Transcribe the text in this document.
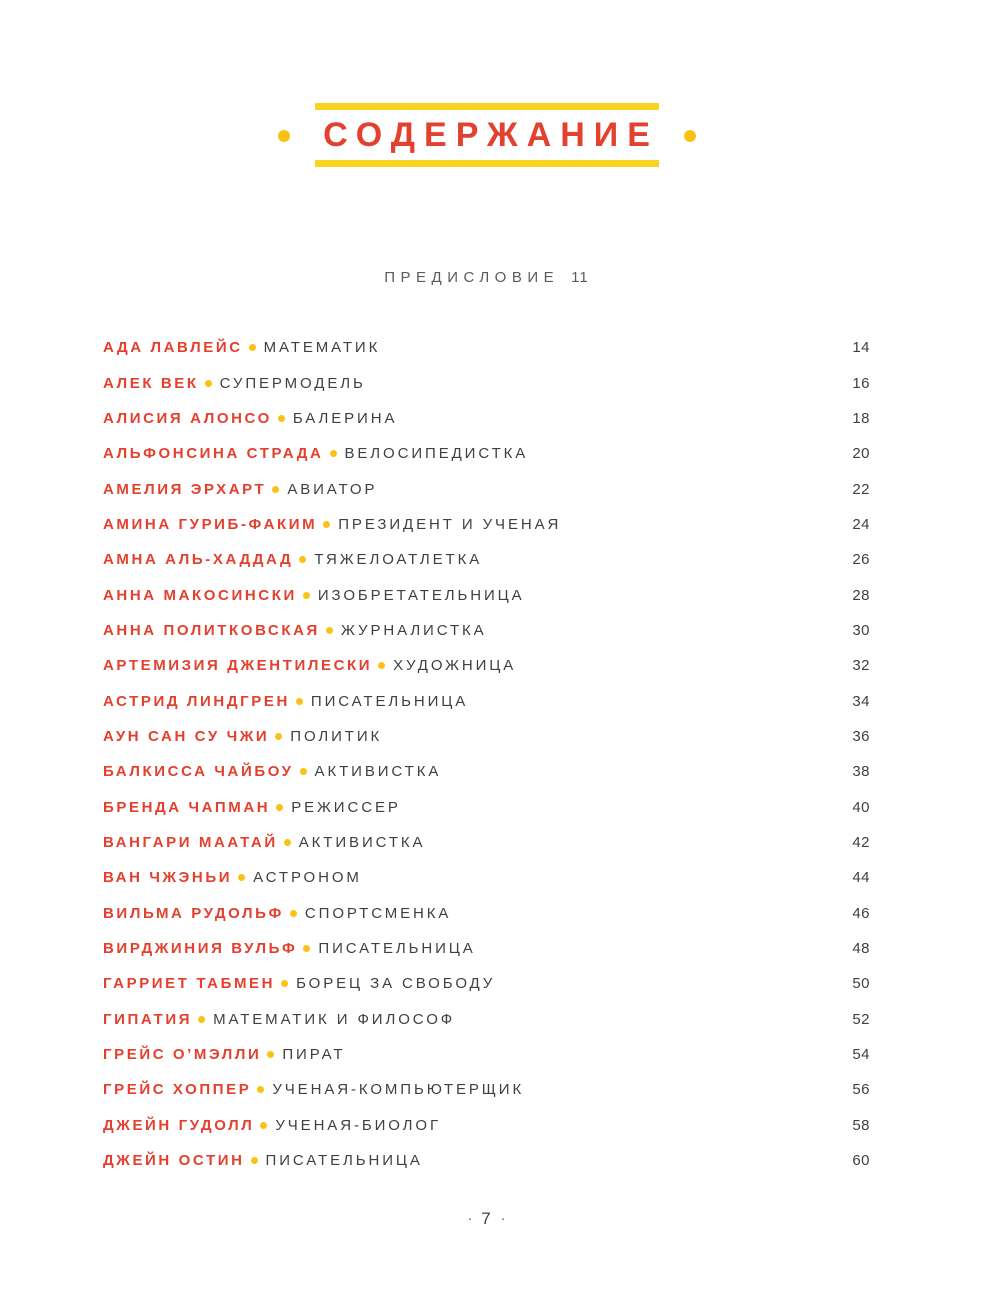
СОДЕРЖАНИЕ
ПРЕДИСЛОВИЕ 11
АДА ЛАВЛЕЙС МАТЕМАТИК	14
АЛЕК ВЕК СУПЕРМОДЕЛЬ	16
АЛИСИЯ АЛОНСО БАЛЕРИНА	18
АЛЬФОНСИНА СТРАДА ВЕЛОСИПЕДИСТКА	20
АМЕЛИЯ ЭРХАРТ АВИАТОР	22
АМИНА ГУРИБ-ФАКИМ ПРЕЗИДЕНТ И УЧЕНАЯ	24
АМНА АЛЬ-ХАДДАД ТЯЖЕЛОАТЛЕТКА	26
АННА МАКОСИНСКИ ИЗОБРЕТАТЕЛЬНИЦА	28
АННА ПОЛИТКОВСКАЯ ЖУРНАЛИСТКА	30
АРТЕМИЗИЯ ДЖЕНТИЛЕСКИ ХУДОЖНИЦА	32
АСТРИД ЛИНДГРЕН ПИСАТЕЛЬНИЦА	34
АУН САН СУ ЧЖИ ПОЛИТИК	36
БАЛКИССА ЧАЙБОУ АКТИВИСТКА	38
БРЕНДА ЧАПМАН РЕЖИССЕР	40
ВАНГАРИ МААТАЙ АКТИВИСТКА	42
ВАН ЧЖЭНЬИ АСТРОНОМ	44
ВИЛЬМА РУДОЛЬФ СПОРТСМЕНКА	46
ВИРДЖИНИЯ ВУЛЬФ ПИСАТЕЛЬНИЦА	48
ГАРРИЕТ ТАБМЕН БОРЕЦ ЗА СВОБОДУ	50
ГИПАТИЯ МАТЕМАТИК И ФИЛОСОФ	52
ГРЕЙС О’МЭЛЛИ ПИРАТ	54
ГРЕЙС ХОППЕР УЧЕНАЯ-КОМПЬЮТЕРЩИК	56
ДЖЕЙН ГУДОЛЛ УЧЕНАЯ-БИОЛОГ	58
ДЖЕЙН ОСТИН ПИСАТЕЛЬНИЦА	60
· 7 ·
